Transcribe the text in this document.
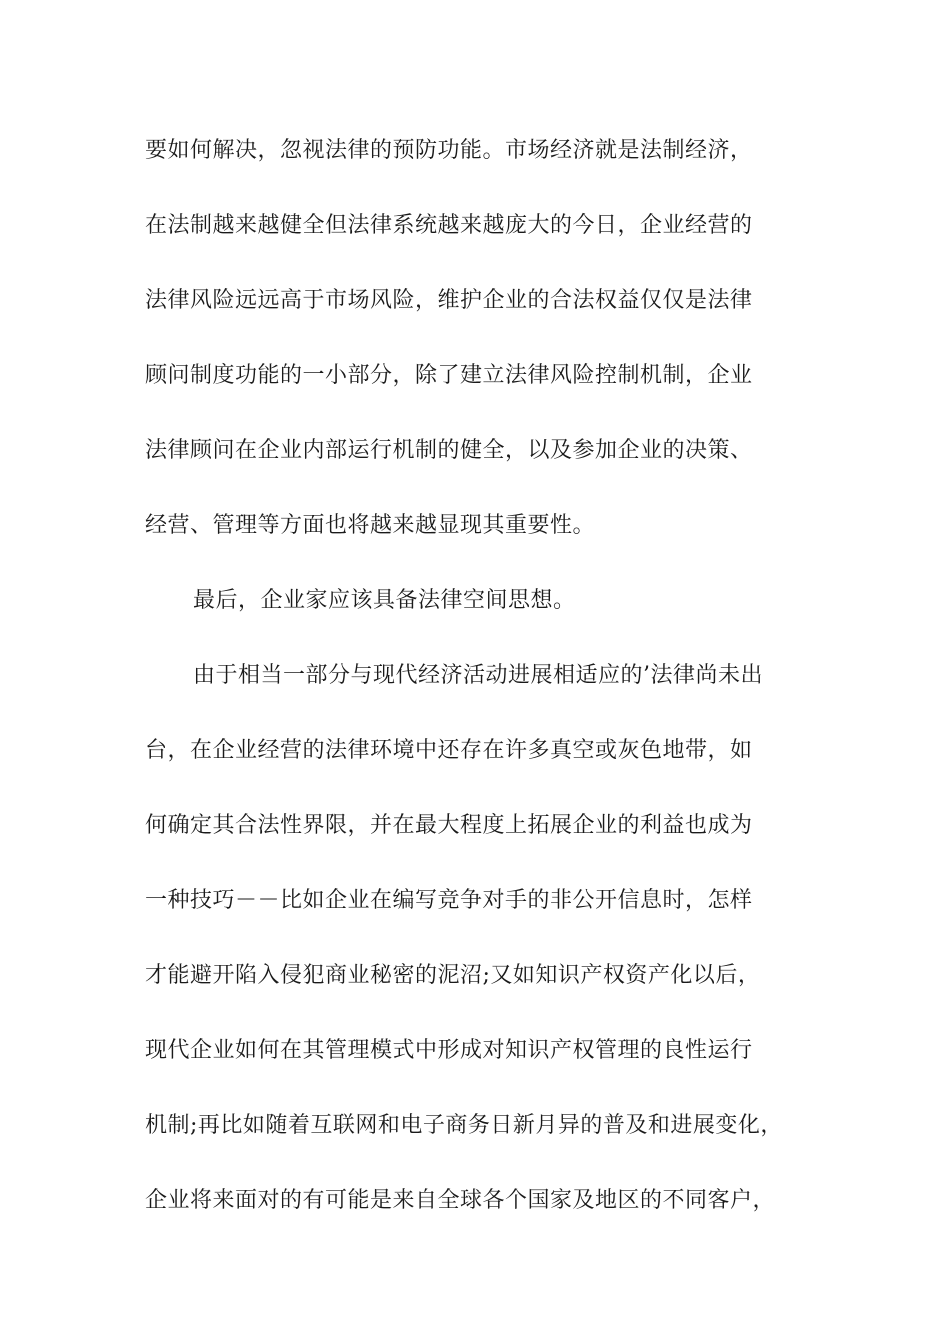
要如何解决，忽视法律的预防功能。市场经济就是法制经济，

在法制越来越健全但法律系统越来越庞大的今日，企业经营的

法律风险远远高于市场风险，维护企业的合法权益仅仅是法律

顾问制度功能的一小部分，除了建立法律风险控制机制，企业

法律顾问在企业内部运行机制的健全，以及参加企业的决策、

经营、管理等方面也将越来越显现其重要性。

最后，企业家应该具备法律空间思想。

由于相当一部分与现代经济活动进展相适应的’法律尚未出

台，在企业经营的法律环境中还存在许多真空或灰色地带，如

何确定其合法性界限，并在最大程度上拓展企业的利益也成为

一种技巧－－比如企业在编写竞争对手的非公开信息时，怎样

才能避开陷入侵犯商业秘密的泥沼;又如知识产权资产化以后，

现代企业如何在其管理模式中形成对知识产权管理的良性运行

机制;再比如随着互联网和电子商务日新月异的普及和进展变化，

企业将来面对的有可能是来自全球各个国家及地区的不同客户，
